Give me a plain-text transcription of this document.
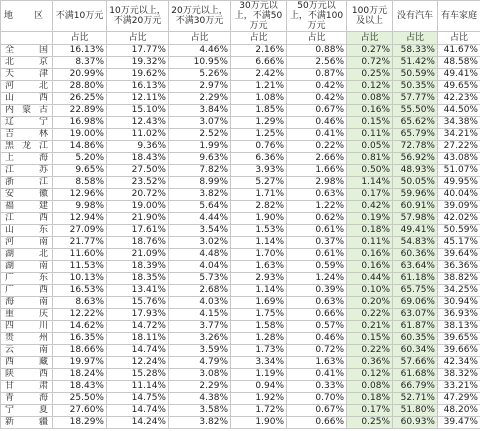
地　区	不满10万元	10万元以上，不满20万元	20万元以上，不满30万元	30万元以上，不满50万元	50万元以上，不满100万元	100万元及以上	没有汽车	有车家庭
	占比	占比	占比	占比	占比	占比	占比	占比
全　国	16.13%	17.77%	4.46%	2.16%	0.88%	0.27%	58.33%	41.67%
北　京	8.37%	19.32%	10.95%	6.66%	2.56%	0.72%	51.42%	48.58%
天　津	20.99%	19.62%	5.26%	2.42%	0.87%	0.25%	50.59%	49.41%
河　北	28.80%	16.13%	2.97%	1.21%	0.42%	0.12%	50.35%	49.65%
山　西	26.25%	12.11%	2.29%	1.08%	0.42%	0.08%	57.77%	42.23%
内蒙古	22.89%	15.10%	3.84%	1.85%	0.67%	0.16%	55.50%	44.50%
辽　宁	16.98%	12.43%	3.07%	1.29%	0.46%	0.15%	65.62%	34.38%
吉　林	19.00%	11.02%	2.52%	1.25%	0.41%	0.11%	65.79%	34.21%
黑龙江	14.86%	9.36%	1.99%	0.76%	0.22%	0.05%	72.78%	27.22%
上　海	5.20%	18.43%	9.63%	6.36%	2.66%	0.81%	56.92%	43.08%
江　苏	9.65%	27.50%	7.82%	3.93%	1.66%	0.50%	48.93%	51.07%
浙　江	8.58%	23.52%	8.99%	5.27%	2.98%	1.14%	50.05%	49.95%
安　徽	12.96%	20.72%	3.82%	1.71%	0.63%	0.17%	59.96%	40.04%
福　建	9.98%	19.00%	5.64%	2.82%	1.22%	0.42%	60.91%	39.09%
江　西	12.94%	21.90%	4.44%	1.90%	0.62%	0.19%	57.98%	42.02%
山　东	27.09%	17.61%	3.54%	1.53%	0.61%	0.18%	49.41%	50.59%
河　南	21.77%	18.76%	3.02%	1.14%	0.37%	0.11%	54.83%	45.17%
湖　北	11.60%	21.09%	4.48%	1.70%	0.61%	0.16%	60.36%	39.64%
湖　南	11.53%	18.39%	4.04%	1.63%	0.59%	0.16%	63.64%	36.36%
广　东	10.13%	18.35%	5.73%	2.93%	1.24%	0.44%	61.18%	38.82%
广　西	16.53%	13.41%	2.68%	1.14%	0.39%	0.10%	65.75%	34.25%
海　南	8.63%	15.76%	4.03%	1.69%	0.63%	0.20%	69.06%	30.94%
重　庆	12.22%	17.93%	4.15%	1.75%	0.66%	0.22%	63.07%	36.93%
四　川	14.62%	14.72%	3.77%	1.58%	0.57%	0.21%	61.87%	38.13%
贵　州	16.35%	18.11%	3.26%	1.28%	0.46%	0.15%	60.35%	39.65%
云　南	18.66%	14.74%	3.59%	1.73%	0.72%	0.22%	60.34%	39.66%
西　藏	19.97%	12.24%	4.79%	3.34%	1.63%	0.36%	57.66%	42.34%
陕　西	18.24%	15.28%	3.08%	1.19%	0.41%	0.12%	61.68%	38.32%
甘　肃	18.43%	11.14%	2.29%	0.94%	0.33%	0.08%	66.79%	33.21%
青　海	25.50%	14.75%	4.38%	1.92%	0.70%	0.18%	52.71%	47.29%
宁　夏	27.60%	14.74%	3.58%	1.72%	0.67%	0.17%	51.80%	48.20%
新　疆	18.29%	14.24%	3.82%	1.90%	0.66%	0.25%	60.93%	39.47%
